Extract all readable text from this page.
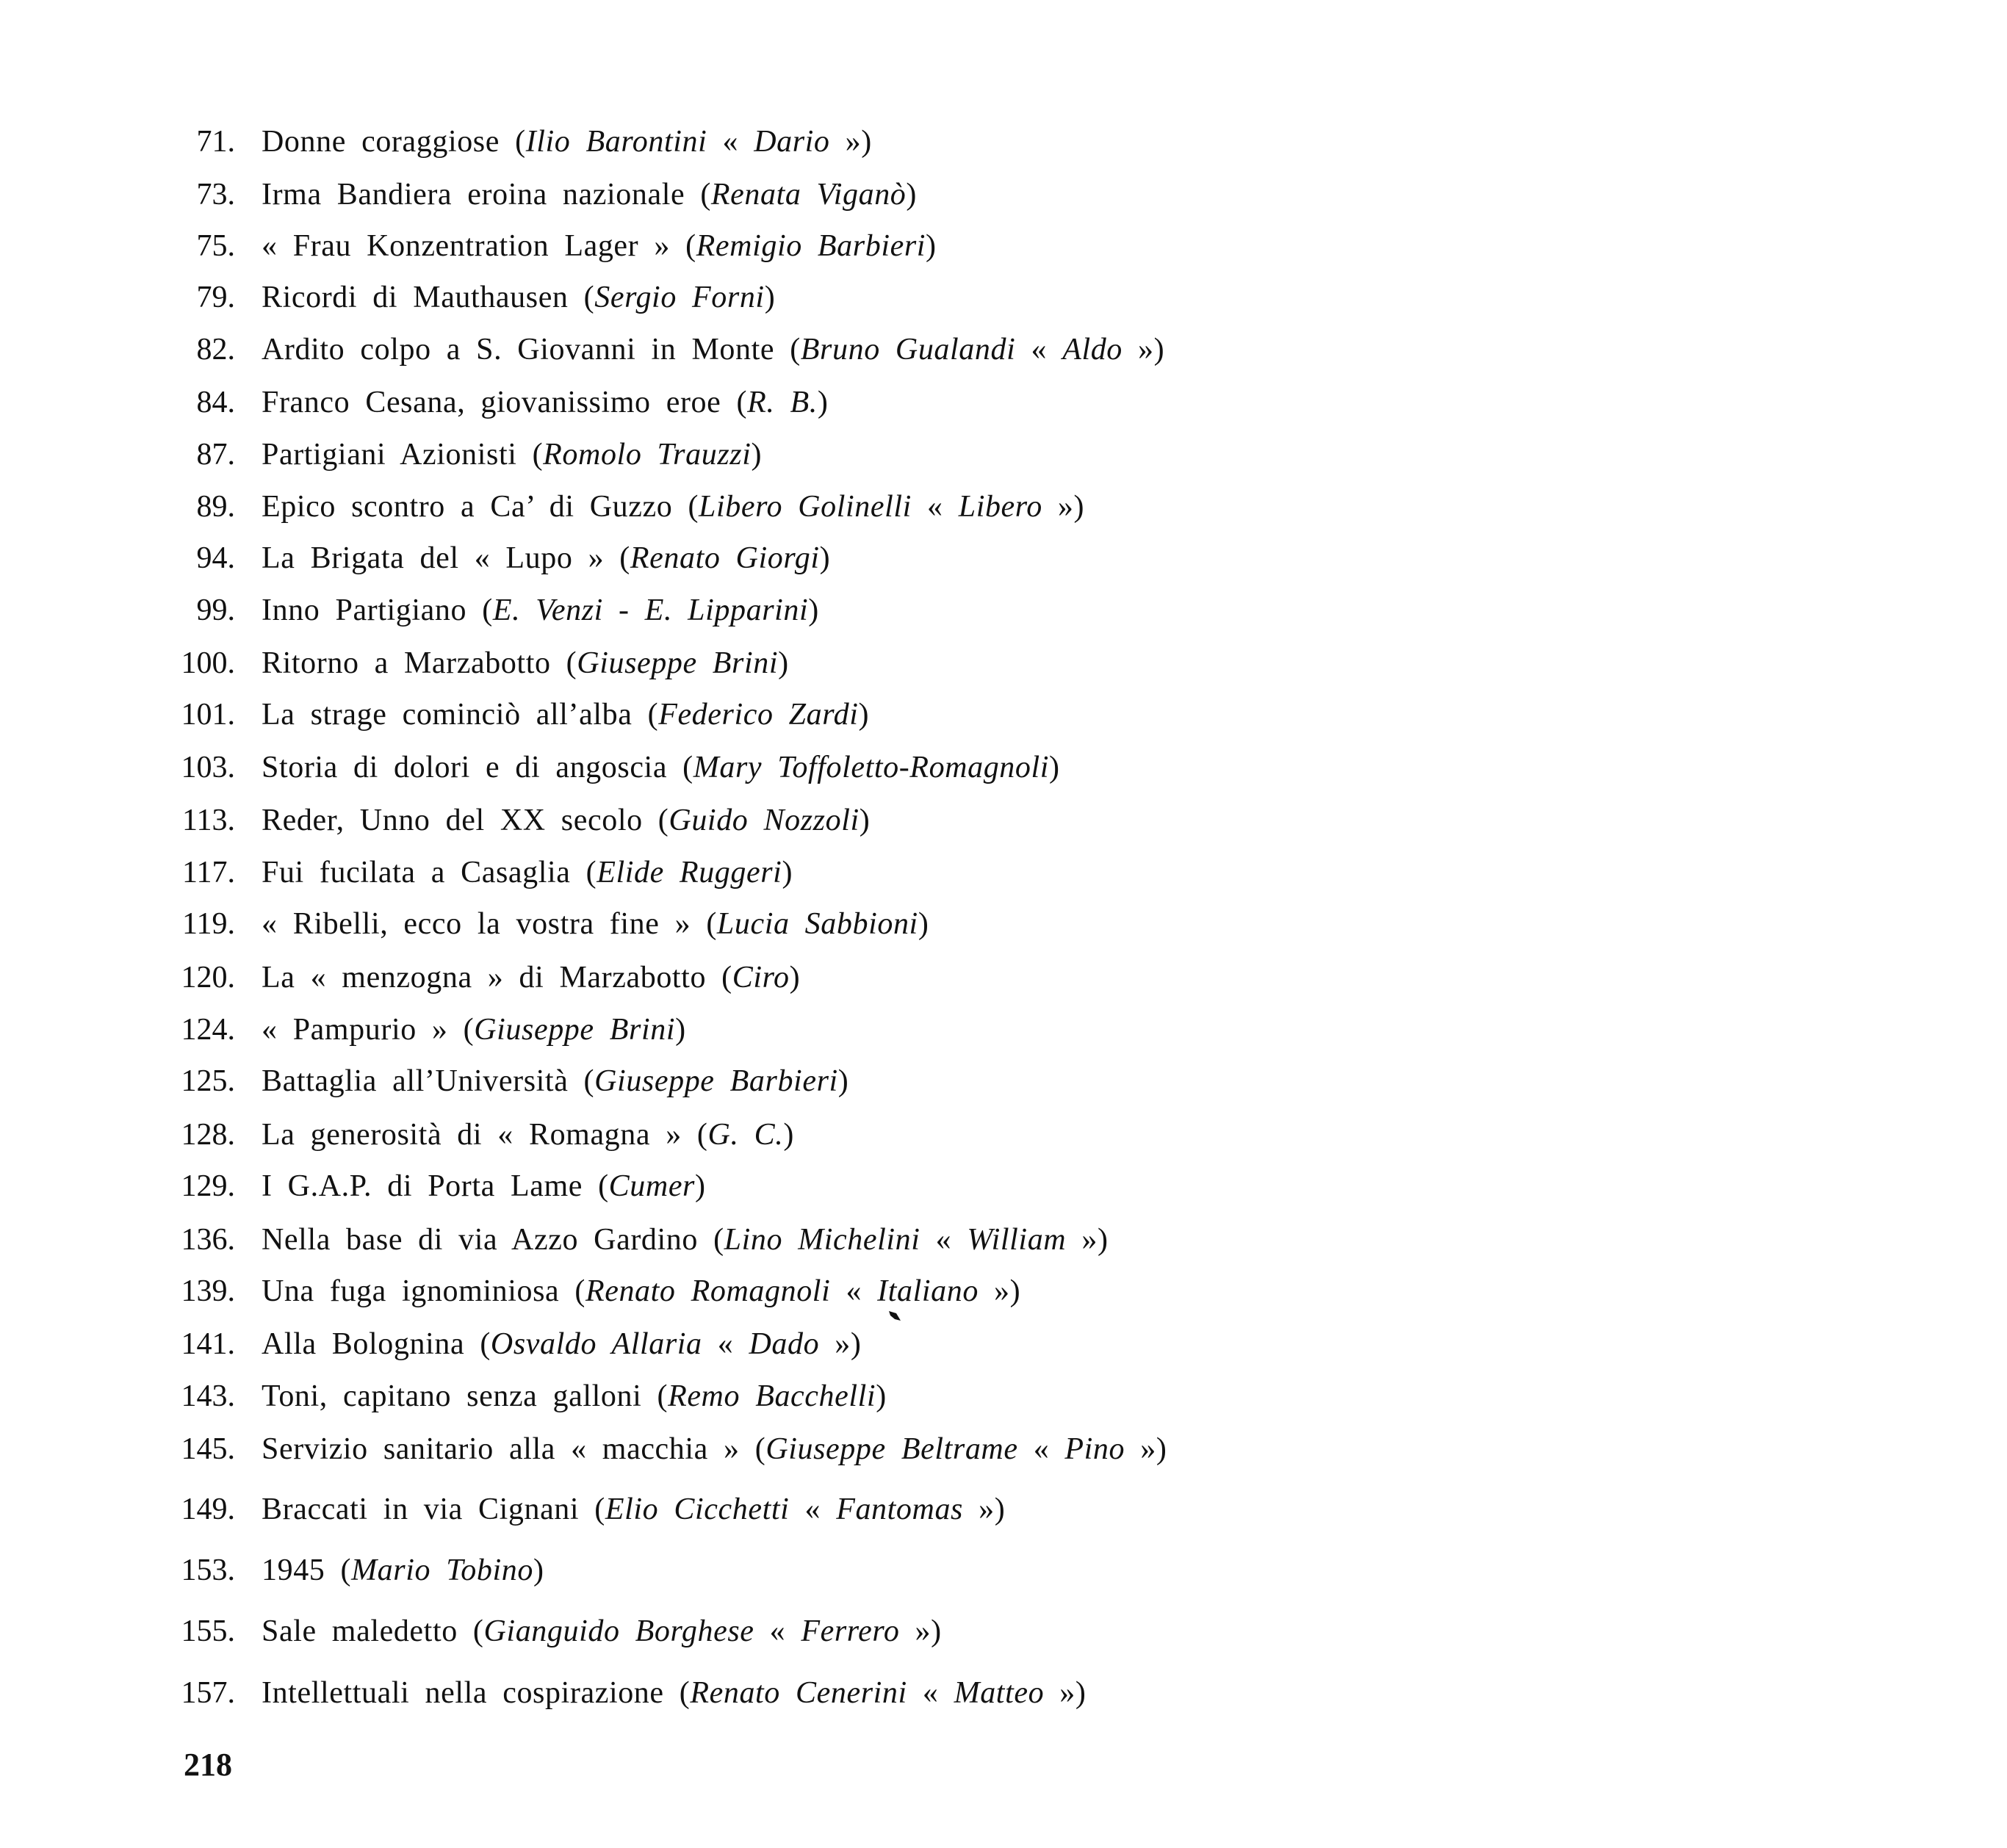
71. Donne coraggiose (Ilio Barontini « Dario »)
73. Irma Bandiera eroina nazionale (Renata Viganò)
75. « Frau Konzentration Lager » (Remigio Barbieri)
79. Ricordi di Mauthausen (Sergio Forni)
82. Ardito colpo a S. Giovanni in Monte (Bruno Gualandi « Aldo »)
84. Franco Cesana, giovanissimo eroe (R. B.)
87. Partigiani Azionisti (Romolo Trauzzi)
89. Epico scontro a Ca’ di Guzzo (Libero Golinelli « Libero »)
94. La Brigata del « Lupo » (Renato Giorgi)
99. Inno Partigiano (E. Venzi - E. Lipparini)
100. Ritorno a Marzabotto (Giuseppe Brini)
101. La strage cominciò all’alba (Federico Zardi)
103. Storia di dolori e di angoscia (Mary Toffoletto-Romagnoli)
113. Reder, Unno del XX secolo (Guido Nozzoli)
117. Fui fucilata a Casaglia (Elide Ruggeri)
119. « Ribelli, ecco la vostra fine » (Lucia Sabbioni)
120. La « menzogna » di Marzabotto (Ciro)
124. « Pampurio » (Giuseppe Brini)
125. Battaglia all’Università (Giuseppe Barbieri)
128. La generosità di « Romagna » (G. C.)
129. I G.A.P. di Porta Lame (Cumer)
136. Nella base di via Azzo Gardino (Lino Michelini « William »)
139. Una fuga ignominiosa (Renato Romagnoli « Italiano »)
141. Alla Bolognina (Osvaldo Allaria « Dado »)
143. Toni, capitano senza galloni (Remo Bacchelli)
145. Servizio sanitario alla « macchia » (Giuseppe Beltrame « Pino »)
149. Braccati in via Cignani (Elio Cicchetti « Fantomas »)
153. 1945 (Mario Tobino)
155. Sale maledetto (Gianguido Borghese « Ferrero »)
157. Intellettuali nella cospirazione (Renato Cenerini « Matteo »)
218
